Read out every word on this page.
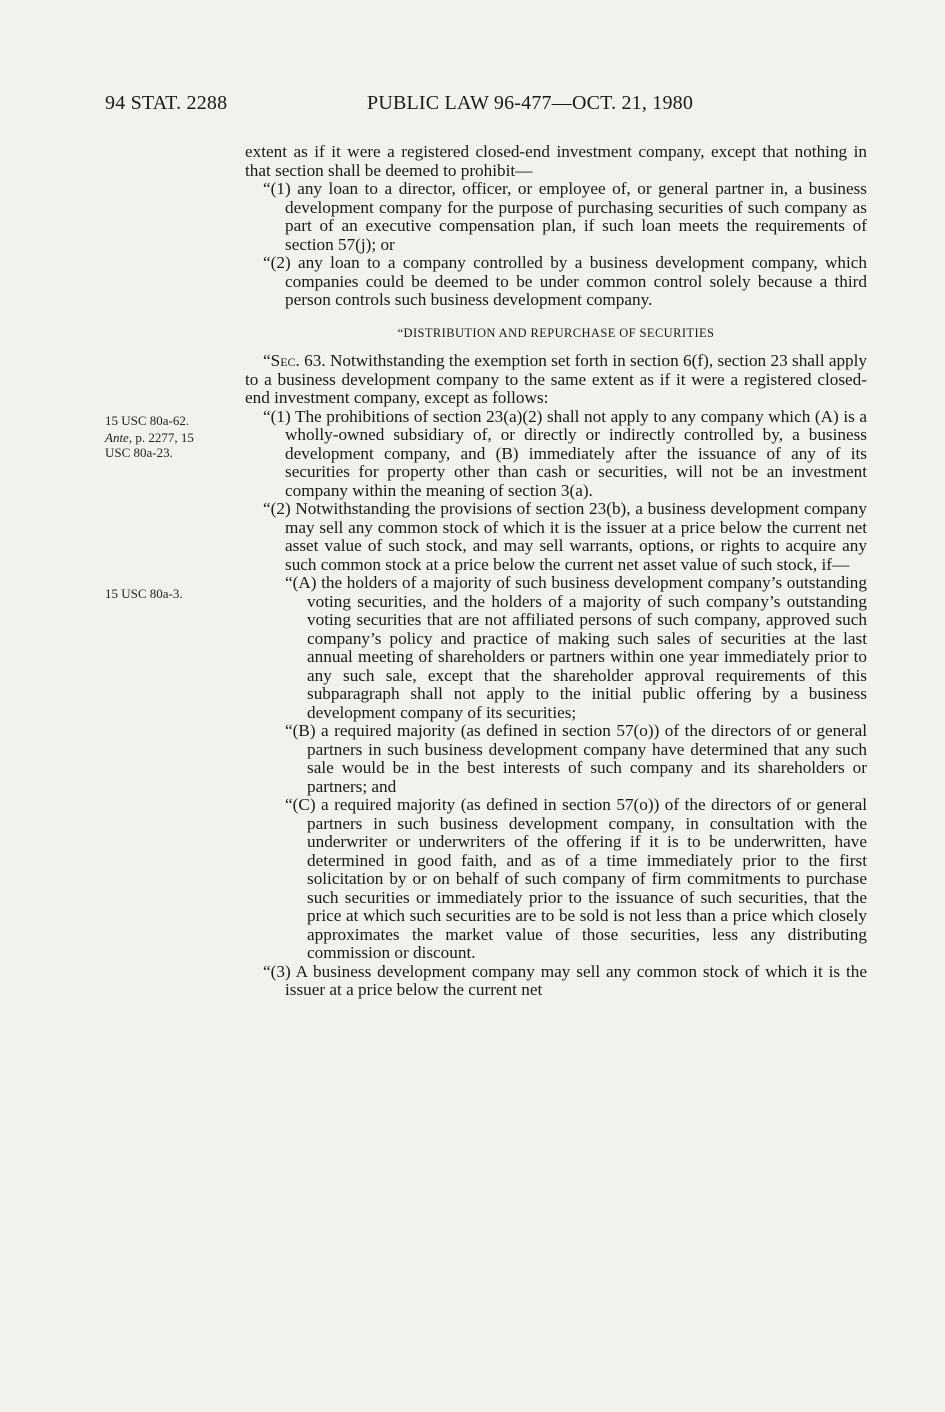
94 STAT. 2288	PUBLIC LAW 96-477—OCT. 21, 1980
15 USC 80a-62.
Ante, p. 2277, 15
USC 80a-23.
15 USC 80a-3.

extent as if it were a registered closed-end investment company, except that nothing in that section shall be deemed to prohibit—

“(1) any loan to a director, officer, or employee of, or general partner in, a business development company for the purpose of purchasing securities of such company as part of an executive compensation plan, if such loan meets the requirements of section 57(j); or

“(2) any loan to a company controlled by a business development company, which companies could be deemed to be under common control solely because a third person controls such business development company.

“DISTRIBUTION AND REPURCHASE OF SECURITIES

“Sec. 63. Notwithstanding the exemption set forth in section 6(f), section 23 shall apply to a business development company to the same extent as if it were a registered closed-end investment company, except as follows:

“(1) The prohibitions of section 23(a)(2) shall not apply to any company which (A) is a wholly-owned subsidiary of, or directly or indirectly controlled by, a business development company, and (B) immediately after the issuance of any of its securities for property other than cash or securities, will not be an investment company within the meaning of section 3(a).

“(2) Notwithstanding the provisions of section 23(b), a business development company may sell any common stock of which it is the issuer at a price below the current net asset value of such stock, and may sell warrants, options, or rights to acquire any such common stock at a price below the current net asset value of such stock, if—

“(A) the holders of a majority of such business development company’s outstanding voting securities, and the holders of a majority of such company’s outstanding voting securities that are not affiliated persons of such company, approved such company’s policy and practice of making such sales of securities at the last annual meeting of shareholders or partners within one year immediately prior to any such sale, except that the shareholder approval requirements of this subparagraph shall not apply to the initial public offering by a business development company of its securities;

“(B) a required majority (as defined in section 57(o)) of the directors of or general partners in such business development company have determined that any such sale would be in the best interests of such company and its shareholders or partners; and

“(C) a required majority (as defined in section 57(o)) of the directors of or general partners in such business development company, in consultation with the underwriter or underwriters of the offering if it is to be underwritten, have determined in good faith, and as of a time immediately prior to the first solicitation by or on behalf of such company of firm commitments to purchase such securities or immediately prior to the issuance of such securities, that the price at which such securities are to be sold is not less than a price which closely approximates the market value of those securities, less any distributing commission or discount.

“(3) A business development company may sell any common stock of which it is the issuer at a price below the current net
